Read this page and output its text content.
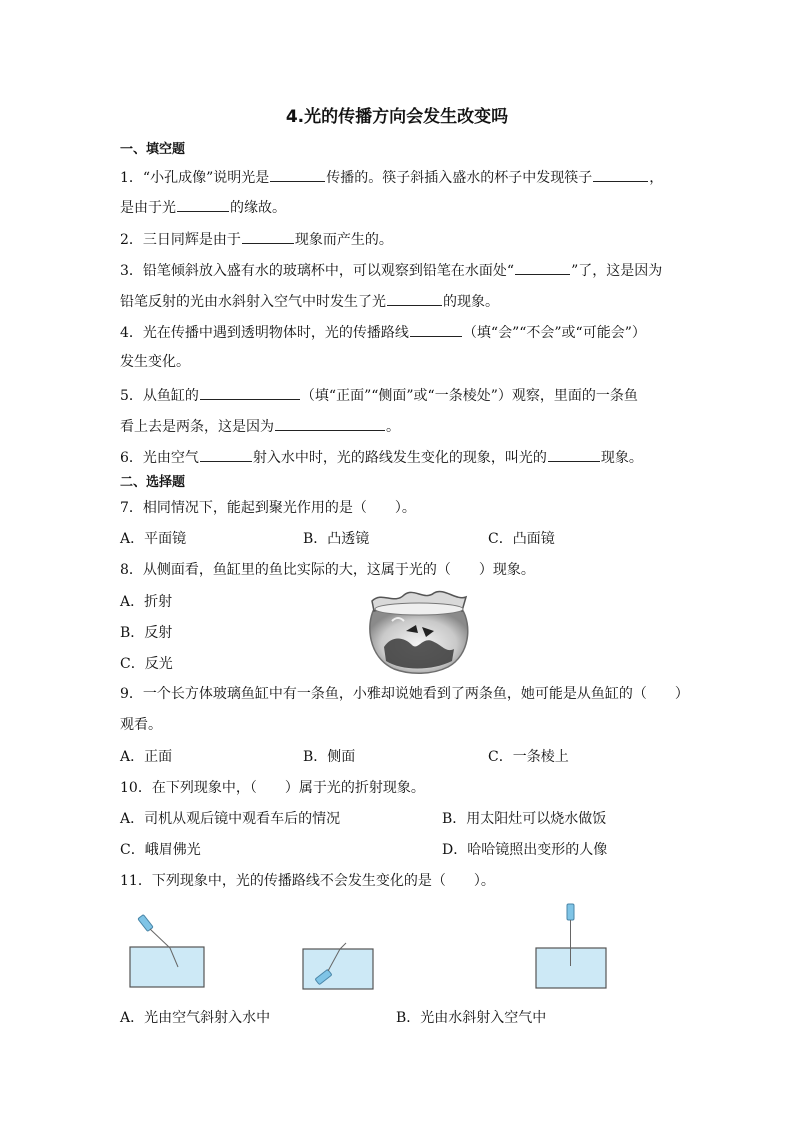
4.光的传播方向会发生改变吗
一、填空题
1．“小孔成像”说明光是	传播的。筷子斜插入盛水的杯子中发现筷子	，
是由于光	的缘故。
2．三日同辉是由于	现象而产生的。
3．铅笔倾斜放入盛有水的玻璃杯中，可以观察到铅笔在水面处“	”了，这是因为
铅笔反射的光由水斜射入空气中时发生了光	的现象。
4．光在传播中遇到透明物体时，光的传播路线	（填“会”“不会”或“可能会”）
发生变化。
5．从鱼缸的	（填“正面”“侧面”或“一条棱处”）观察，里面的一条鱼
看上去是两条，这是因为	。
6．光由空气	射入水中时，光的路线发生变化的现象，叫光的	现象。
二、选择题
7．相同情况下，能起到聚光作用的是（　　）。
A．平面镜	B．凸透镜	C．凸面镜
8．从侧面看，鱼缸里的鱼比实际的大，这属于光的（　　）现象。
A．折射
B．反射
C．反光
9．一个长方体玻璃鱼缸中有一条鱼，小雅却说她看到了两条鱼，她可能是从鱼缸的（　　）
观看。
A．正面	B．侧面	C．一条棱上
10．在下列现象中，（　　）属于光的折射现象。
A．司机从观后镜中观看车后的情况	B．用太阳灶可以烧水做饭
C．峨眉佛光	D．哈哈镜照出变形的人像
11．下列现象中，光的传播路线不会发生变化的是（　　）。
A．光由空气斜射入水中	B．光由水斜射入空气中
